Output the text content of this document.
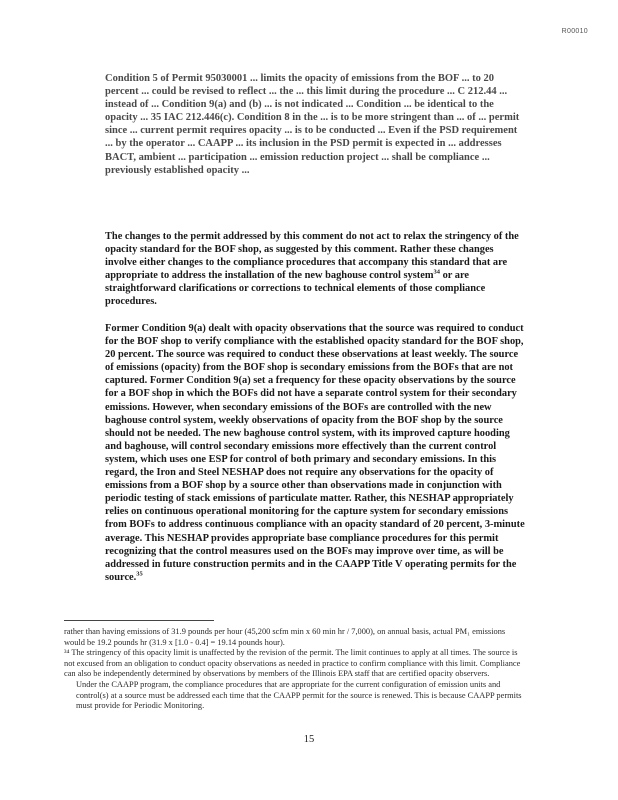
R00010

Condition 5 of Permit 95030001 ... limits the opacity of emissions from the BOF ... to 20 percent ... could be revised to reflect ... the ... this limit during the procedure ... C 212.44 ... instead of ... Condition 9(a) and (b) ... is not indicated ... Condition ... be identical to the opacity ... 35 IAC 212.446(c). Condition 8 in the ... is to be more stringent than ... of ... permit since ... current permit requires opacity ... is to be conducted ... Even if the PSD requirement ... by the operator ... CAAPP ... its inclusion in the PSD permit is expected in ... addresses BACT, ambient ... participation ... emission reduction project ... shall be compliance ... previously established opacity ...

The changes to the permit addressed by this comment do not act to relax the stringency of the opacity standard for the BOF shop, as suggested by this comment. Rather these changes involve either changes to the compliance procedures that accompany this standard that are appropriate to address the installation of the new baghouse control system$^{34}$ or are straightforward clarifications or corrections to technical elements of those compliance procedures.

Former Condition 9(a) dealt with opacity observations that the source was required to conduct for the BOF shop to verify compliance with the established opacity standard for the BOF shop, 20 percent. The source was required to conduct these observations at least weekly. The source of emissions (opacity) from the BOF shop is secondary emissions from the BOFs that are not captured. Former Condition 9(a) set a frequency for these opacity observations by the source for a BOF shop in which the BOFs did not have a separate control system for their secondary emissions. However, when secondary emissions of the BOFs are controlled with the new baghouse control system, weekly observations of opacity from the BOF shop by the source should not be needed. The new baghouse control system, with its improved capture hooding and baghouse, will control secondary emissions more effectively than the current control system, which uses one ESP for control of both primary and secondary emissions. In this regard, the Iron and Steel NESHAP does not require any observations for the opacity of emissions from a BOF shop by a source other than observations made in conjunction with periodic testing of stack emissions of particulate matter. Rather, this NESHAP appropriately relies on continuous operational monitoring for the capture system for secondary emissions from BOFs to address continuous compliance with an opacity standard of 20 percent, 3-minute average. This NESHAP provides appropriate base compliance procedures for this permit recognizing that the control measures used on the BOFs may improve over time, as will be addressed in future construction permits and in the CAAPP Title V operating permits for the source.$^{35}$

rather than having emissions of 31.9 pounds per hour (45,200 scfm min x 60 min hr / 7,000), on annual basis, actual PM₁ emissions would be 19.2 pounds hr (31.9 x [1.0 - 0.4] = 19.14 pounds hour).
³⁴ The stringency of this opacity limit is unaffected by the revision of the permit. The limit continues to apply at all times. The source is not excused from an obligation to conduct opacity observations as needed in practice to confirm compliance with this limit. Compliance can also be independently determined by observations by members of the Illinois EPA staff that are certified opacity observers.
Under the CAAPP program, the compliance procedures that are appropriate for the current configuration of emission units and control(s) at a source must be addressed each time that the CAAPP permit for the source is renewed. This is because CAAPP permits must provide for Periodic Monitoring.
15
